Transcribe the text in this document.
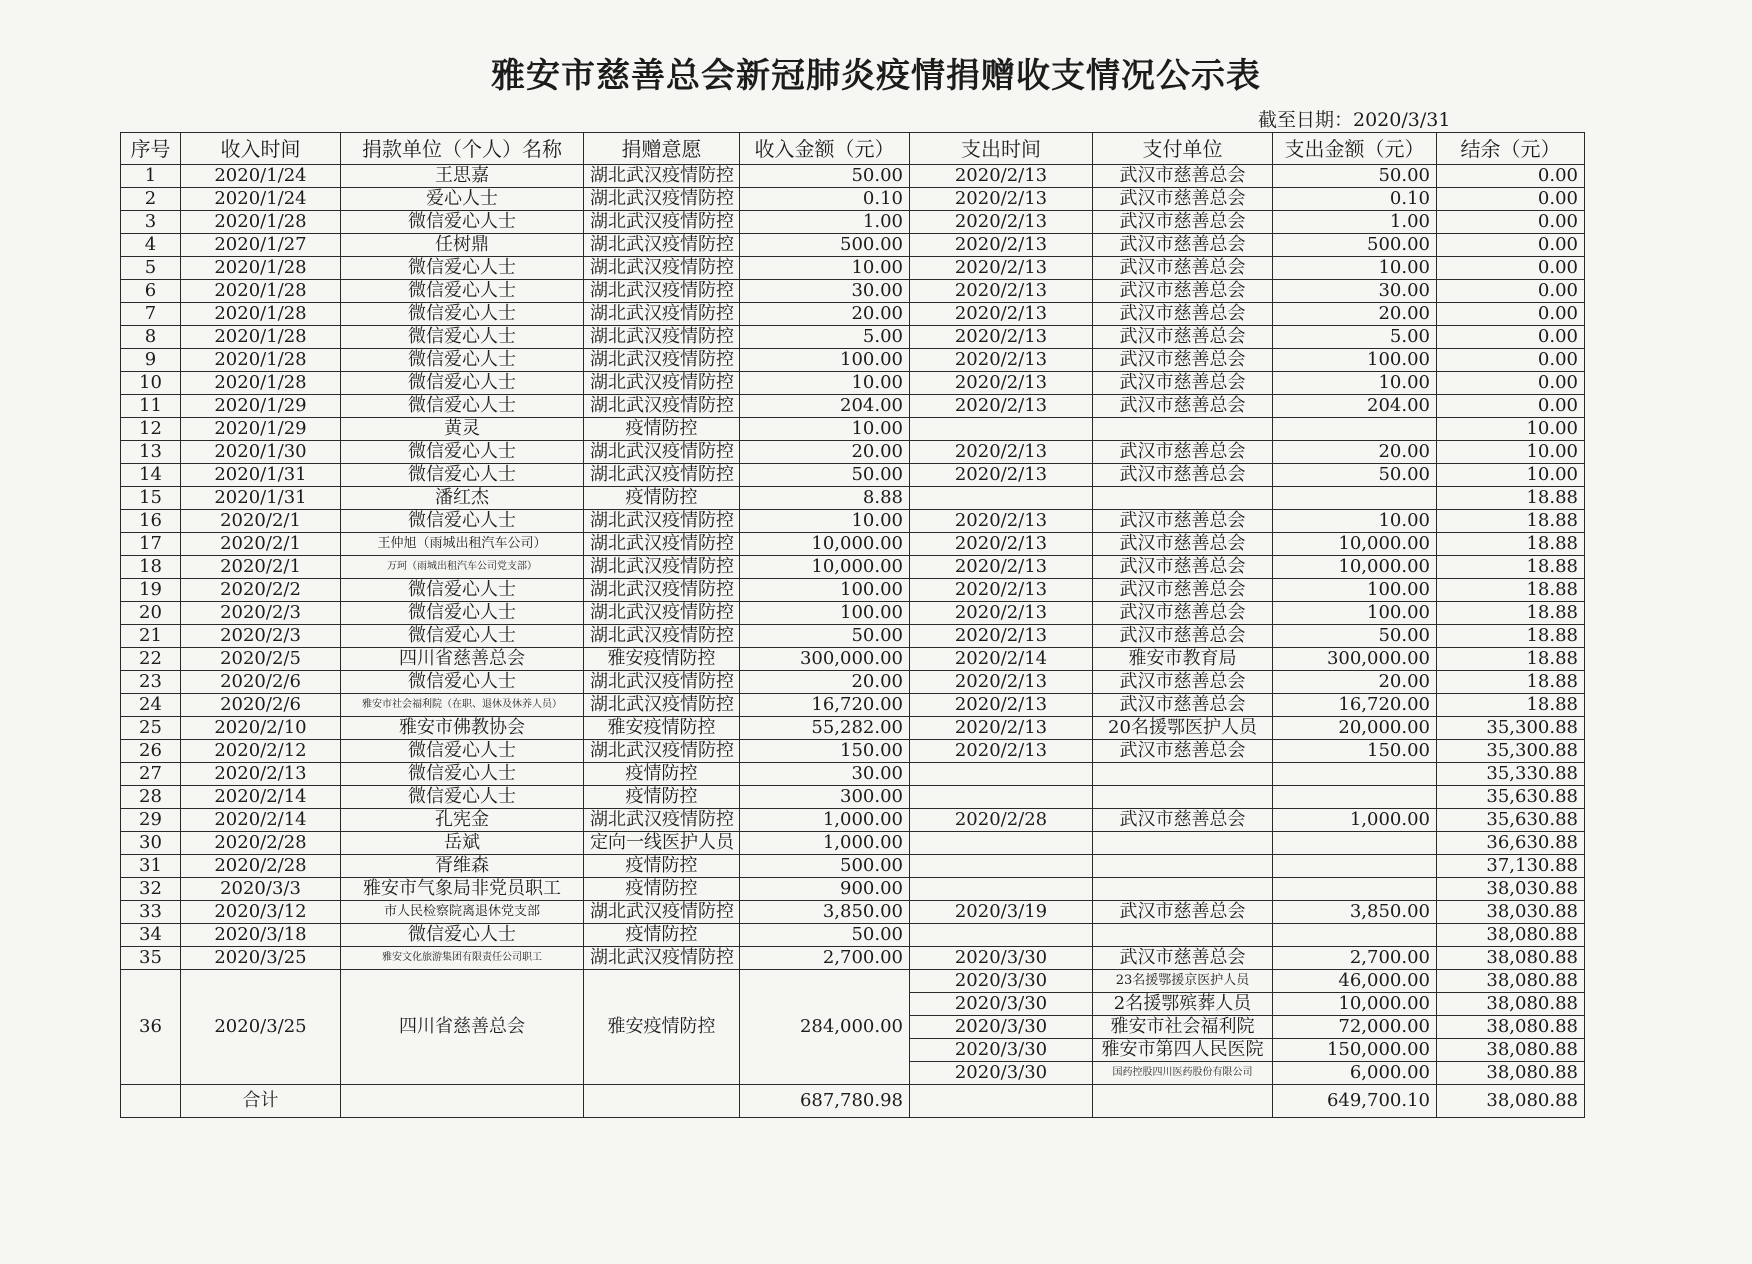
雅安市慈善总会新冠肺炎疫情捐赠收支情况公示表
截至日期：2020/3/31
序号	收入时间	捐款单位（个人）名称	捐赠意愿	收入金额（元）	支出时间	支付单位	支出金额（元）	结余（元）
1	2020/1/24	王思嘉	湖北武汉疫情防控	50.00	2020/2/13	武汉市慈善总会	50.00	0.00
2	2020/1/24	爱心人士	湖北武汉疫情防控	0.10	2020/2/13	武汉市慈善总会	0.10	0.00
3	2020/1/28	微信爱心人士	湖北武汉疫情防控	1.00	2020/2/13	武汉市慈善总会	1.00	0.00
4	2020/1/27	任树鼎	湖北武汉疫情防控	500.00	2020/2/13	武汉市慈善总会	500.00	0.00
5	2020/1/28	微信爱心人士	湖北武汉疫情防控	10.00	2020/2/13	武汉市慈善总会	10.00	0.00
6	2020/1/28	微信爱心人士	湖北武汉疫情防控	30.00	2020/2/13	武汉市慈善总会	30.00	0.00
7	2020/1/28	微信爱心人士	湖北武汉疫情防控	20.00	2020/2/13	武汉市慈善总会	20.00	0.00
8	2020/1/28	微信爱心人士	湖北武汉疫情防控	5.00	2020/2/13	武汉市慈善总会	5.00	0.00
9	2020/1/28	微信爱心人士	湖北武汉疫情防控	100.00	2020/2/13	武汉市慈善总会	100.00	0.00
10	2020/1/28	微信爱心人士	湖北武汉疫情防控	10.00	2020/2/13	武汉市慈善总会	10.00	0.00
11	2020/1/29	微信爱心人士	湖北武汉疫情防控	204.00	2020/2/13	武汉市慈善总会	204.00	0.00
12	2020/1/29	黄灵	疫情防控	10.00				10.00
13	2020/1/30	微信爱心人士	湖北武汉疫情防控	20.00	2020/2/13	武汉市慈善总会	20.00	10.00
14	2020/1/31	微信爱心人士	湖北武汉疫情防控	50.00	2020/2/13	武汉市慈善总会	50.00	10.00
15	2020/1/31	潘红杰	疫情防控	8.88				18.88
16	2020/2/1	微信爱心人士	湖北武汉疫情防控	10.00	2020/2/13	武汉市慈善总会	10.00	18.88
17	2020/2/1	王仲旭（雨城出租汽车公司）	湖北武汉疫情防控	10,000.00	2020/2/13	武汉市慈善总会	10,000.00	18.88
18	2020/2/1	万珂（雨城出租汽车公司党支部）	湖北武汉疫情防控	10,000.00	2020/2/13	武汉市慈善总会	10,000.00	18.88
19	2020/2/2	微信爱心人士	湖北武汉疫情防控	100.00	2020/2/13	武汉市慈善总会	100.00	18.88
20	2020/2/3	微信爱心人士	湖北武汉疫情防控	100.00	2020/2/13	武汉市慈善总会	100.00	18.88
21	2020/2/3	微信爱心人士	湖北武汉疫情防控	50.00	2020/2/13	武汉市慈善总会	50.00	18.88
22	2020/2/5	四川省慈善总会	雅安疫情防控	300,000.00	2020/2/14	雅安市教育局	300,000.00	18.88
23	2020/2/6	微信爱心人士	湖北武汉疫情防控	20.00	2020/2/13	武汉市慈善总会	20.00	18.88
24	2020/2/6	雅安市社会福利院（在职、退休及休养人员）	湖北武汉疫情防控	16,720.00	2020/2/13	武汉市慈善总会	16,720.00	18.88
25	2020/2/10	雅安市佛教协会	雅安疫情防控	55,282.00	2020/2/13	20名援鄂医护人员	20,000.00	35,300.88
26	2020/2/12	微信爱心人士	湖北武汉疫情防控	150.00	2020/2/13	武汉市慈善总会	150.00	35,300.88
27	2020/2/13	微信爱心人士	疫情防控	30.00				35,330.88
28	2020/2/14	微信爱心人士	疫情防控	300.00				35,630.88
29	2020/2/14	孔宪金	湖北武汉疫情防控	1,000.00	2020/2/28	武汉市慈善总会	1,000.00	35,630.88
30	2020/2/28	岳斌	定向一线医护人员	1,000.00				36,630.88
31	2020/2/28	胥维森	疫情防控	500.00				37,130.88
32	2020/3/3	雅安市气象局非党员职工	疫情防控	900.00				38,030.88
33	2020/3/12	市人民检察院离退休党支部	湖北武汉疫情防控	3,850.00	2020/3/19	武汉市慈善总会	3,850.00	38,030.88
34	2020/3/18	微信爱心人士	疫情防控	50.00				38,080.88
35	2020/3/25	雅安文化旅游集团有限责任公司职工	湖北武汉疫情防控	2,700.00	2020/3/30	武汉市慈善总会	2,700.00	38,080.88
36	2020/3/25	四川省慈善总会	雅安疫情防控	284,000.00	2020/3/30	23名援鄂援京医护人员	46,000.00	38,080.88
					2020/3/30	2名援鄂殡葬人员	10,000.00	38,080.88
					2020/3/30	雅安市社会福利院	72,000.00	38,080.88
					2020/3/30	雅安市第四人民医院	150,000.00	38,080.88
					2020/3/30	国药控股四川医药股份有限公司	6,000.00	38,080.88
	合计			687,780.98			649,700.10	38,080.88
